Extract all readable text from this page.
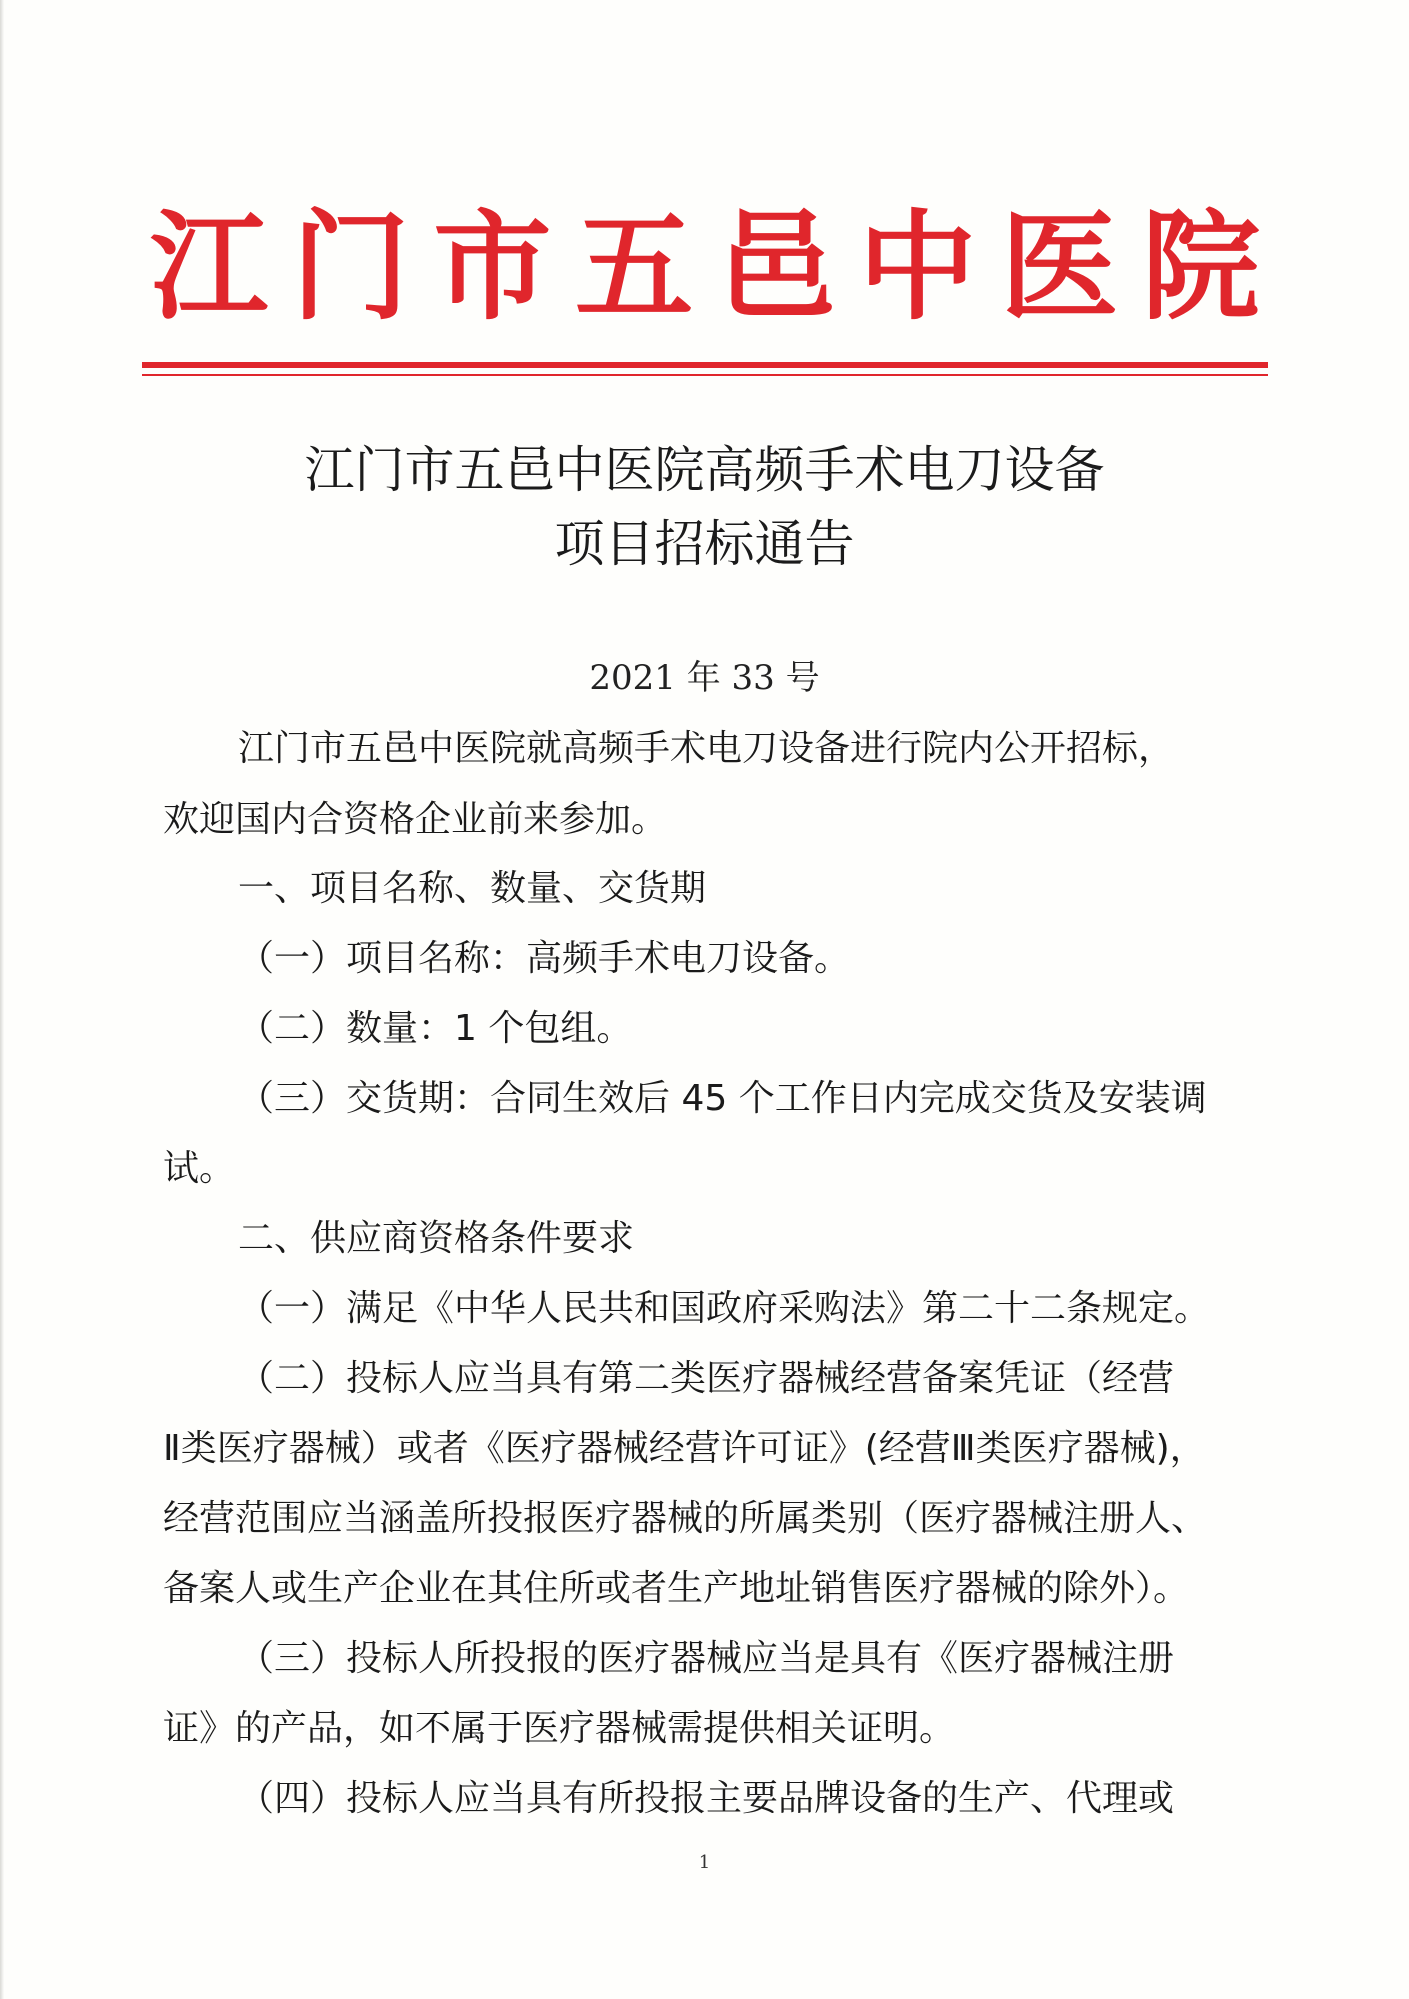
江 门 市 五 邑 中 医 院
江门市五邑中医院高频手术电刀设备
项目招标通告
2021 年 33 号
江门市五邑中医院就高频手术电刀设备进行院内公开招标，
欢迎国内合资格企业前来参加。
一、项目名称、数量、交货期
（一）项目名称：高频手术电刀设备。
（二）数量：1 个包组。
（三）交货期：合同生效后 45 个工作日内完成交货及安装调
试。
二、供应商资格条件要求
（一）满足《中华人民共和国政府采购法》第二十二条规定。
（二）投标人应当具有第二类医疗器械经营备案凭证（经营
Ⅱ类医疗器械）或者《医疗器械经营许可证》(经营Ⅲ类医疗器械)，
经营范围应当涵盖所投报医疗器械的所属类别（医疗器械注册人、
备案人或生产企业在其住所或者生产地址销售医疗器械的除外）。
（三）投标人所投报的医疗器械应当是具有《医疗器械注册
证》的产品，如不属于医疗器械需提供相关证明。
（四）投标人应当具有所投报主要品牌设备的生产、代理或
1
